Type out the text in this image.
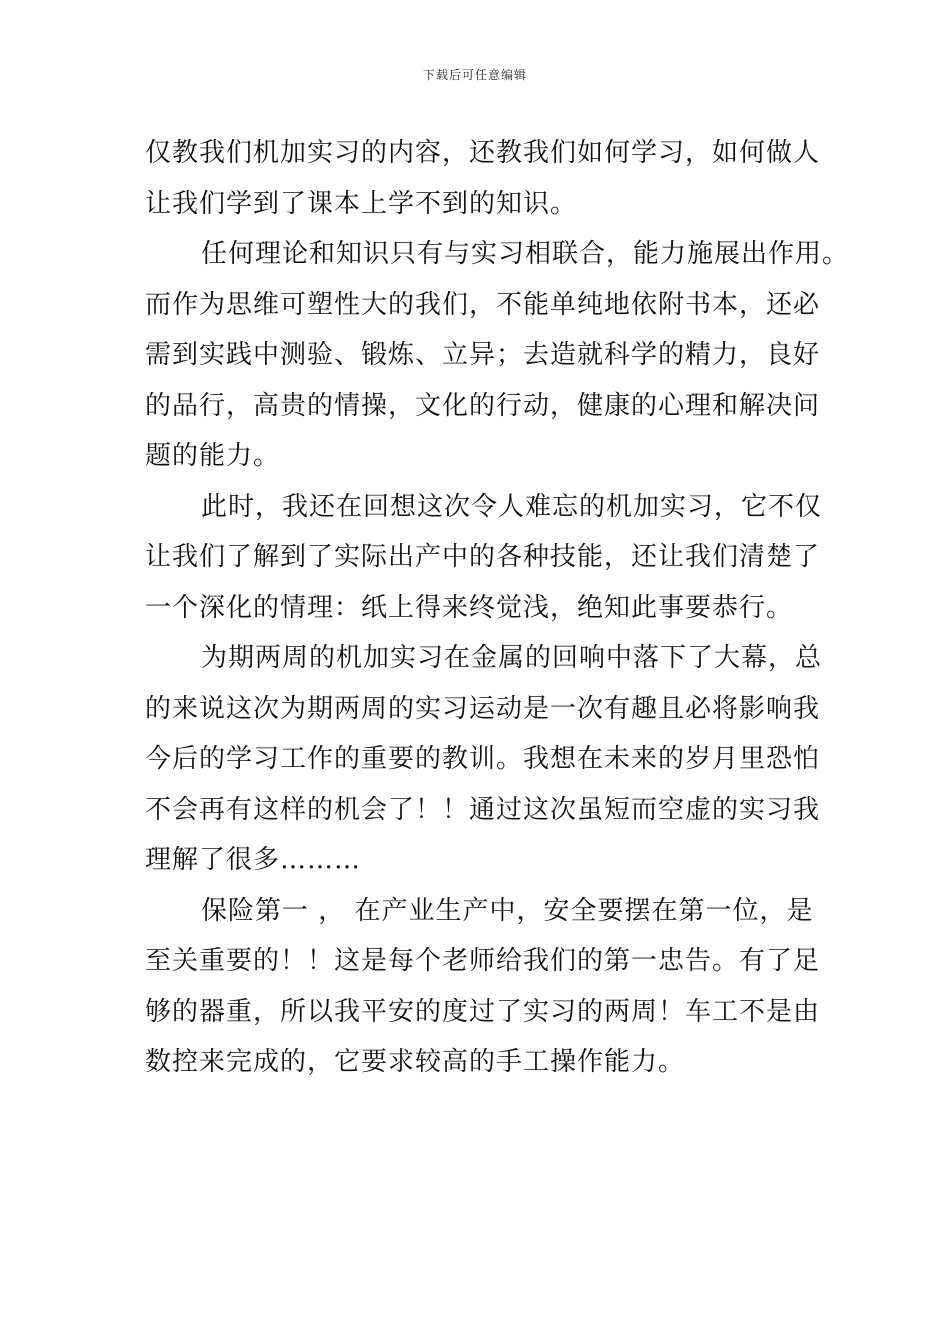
下载后可任意编辑
仅教我们机加实习的内容，还教我们如何学习，如何做人
让我们学到了课本上学不到的知识。
任何理论和知识只有与实习相联合，能力施展出作用。
而作为思维可塑性大的我们，不能单纯地依附书本，还必
需到实践中测验、锻炼、立异；去造就科学的精力，良好
的品行，高贵的情操，文化的行动，健康的心理和解决问
题的能力。
此时，我还在回想这次令人难忘的机加实习，它不仅
让我们了解到了实际出产中的各种技能，还让我们清楚了
一个深化的情理：纸上得来终觉浅，绝知此事要恭行。
为期两周的机加实习在金属的回响中落下了大幕，总
的来说这次为期两周的实习运动是一次有趣且必将影响我
今后的学习工作的重要的教训。我想在未来的岁月里恐怕
不会再有这样的机会了！！通过这次虽短而空虚的实习我
理解了很多………
保险第一 ， 在产业生产中，安全要摆在第一位，是
至关重要的！！这是每个老师给我们的第一忠告。有了足
够的器重，所以我平安的度过了实习的两周！车工不是由
数控来完成的，它要求较高的手工操作能力。
